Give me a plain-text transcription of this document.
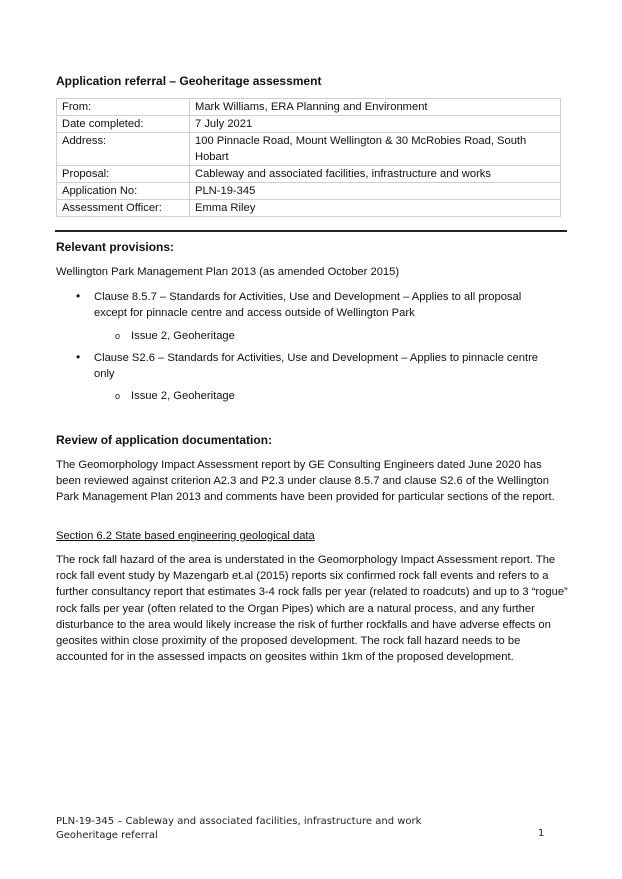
Application referral – Geoheritage assessment
From:	Mark Williams, ERA Planning and Environment
Date completed:	7 July 2021
Address:	100 Pinnacle Road, Mount Wellington & 30 McRobies Road, South Hobart
Proposal:	Cableway and associated facilities, infrastructure and works
Application No:	PLN-19-345
Assessment Officer:	Emma Riley
Relevant provisions:
Wellington Park Management Plan 2013 (as amended October 2015)
• Clause 8.5.7 – Standards for Activities, Use and Development – Applies to all proposal except for pinnacle centre and access outside of Wellington Park
o Issue 2, Geoheritage
• Clause S2.6 – Standards for Activities, Use and Development – Applies to pinnacle centre only
o Issue 2, Geoheritage
Review of application documentation:
The Geomorphology Impact Assessment report by GE Consulting Engineers dated June 2020 has been reviewed against criterion A2.3 and P2.3 under clause 8.5.7 and clause S2.6 of the Wellington Park Management Plan 2013 and comments have been provided for particular sections of the report.
Section 6.2 State based engineering geological data
The rock fall hazard of the area is understated in the Geomorphology Impact Assessment report. The rock fall event study by Mazengarb et.al (2015) reports six confirmed rock fall events and refers to a further consultancy report that estimates 3-4 rock falls per year (related to roadcuts) and up to 3 “rogue” rock falls per year (often related to the Organ Pipes) which are a natural process, and any further disturbance to the area would likely increase the risk of further rockfalls and have adverse effects on geosites within close proximity of the proposed development. The rock fall hazard needs to be accounted for in the assessed impacts on geosites within 1km of the proposed development.
PLN-19-345 – Cableway and associated facilities, infrastructure and work
Geoheritage referral	1
